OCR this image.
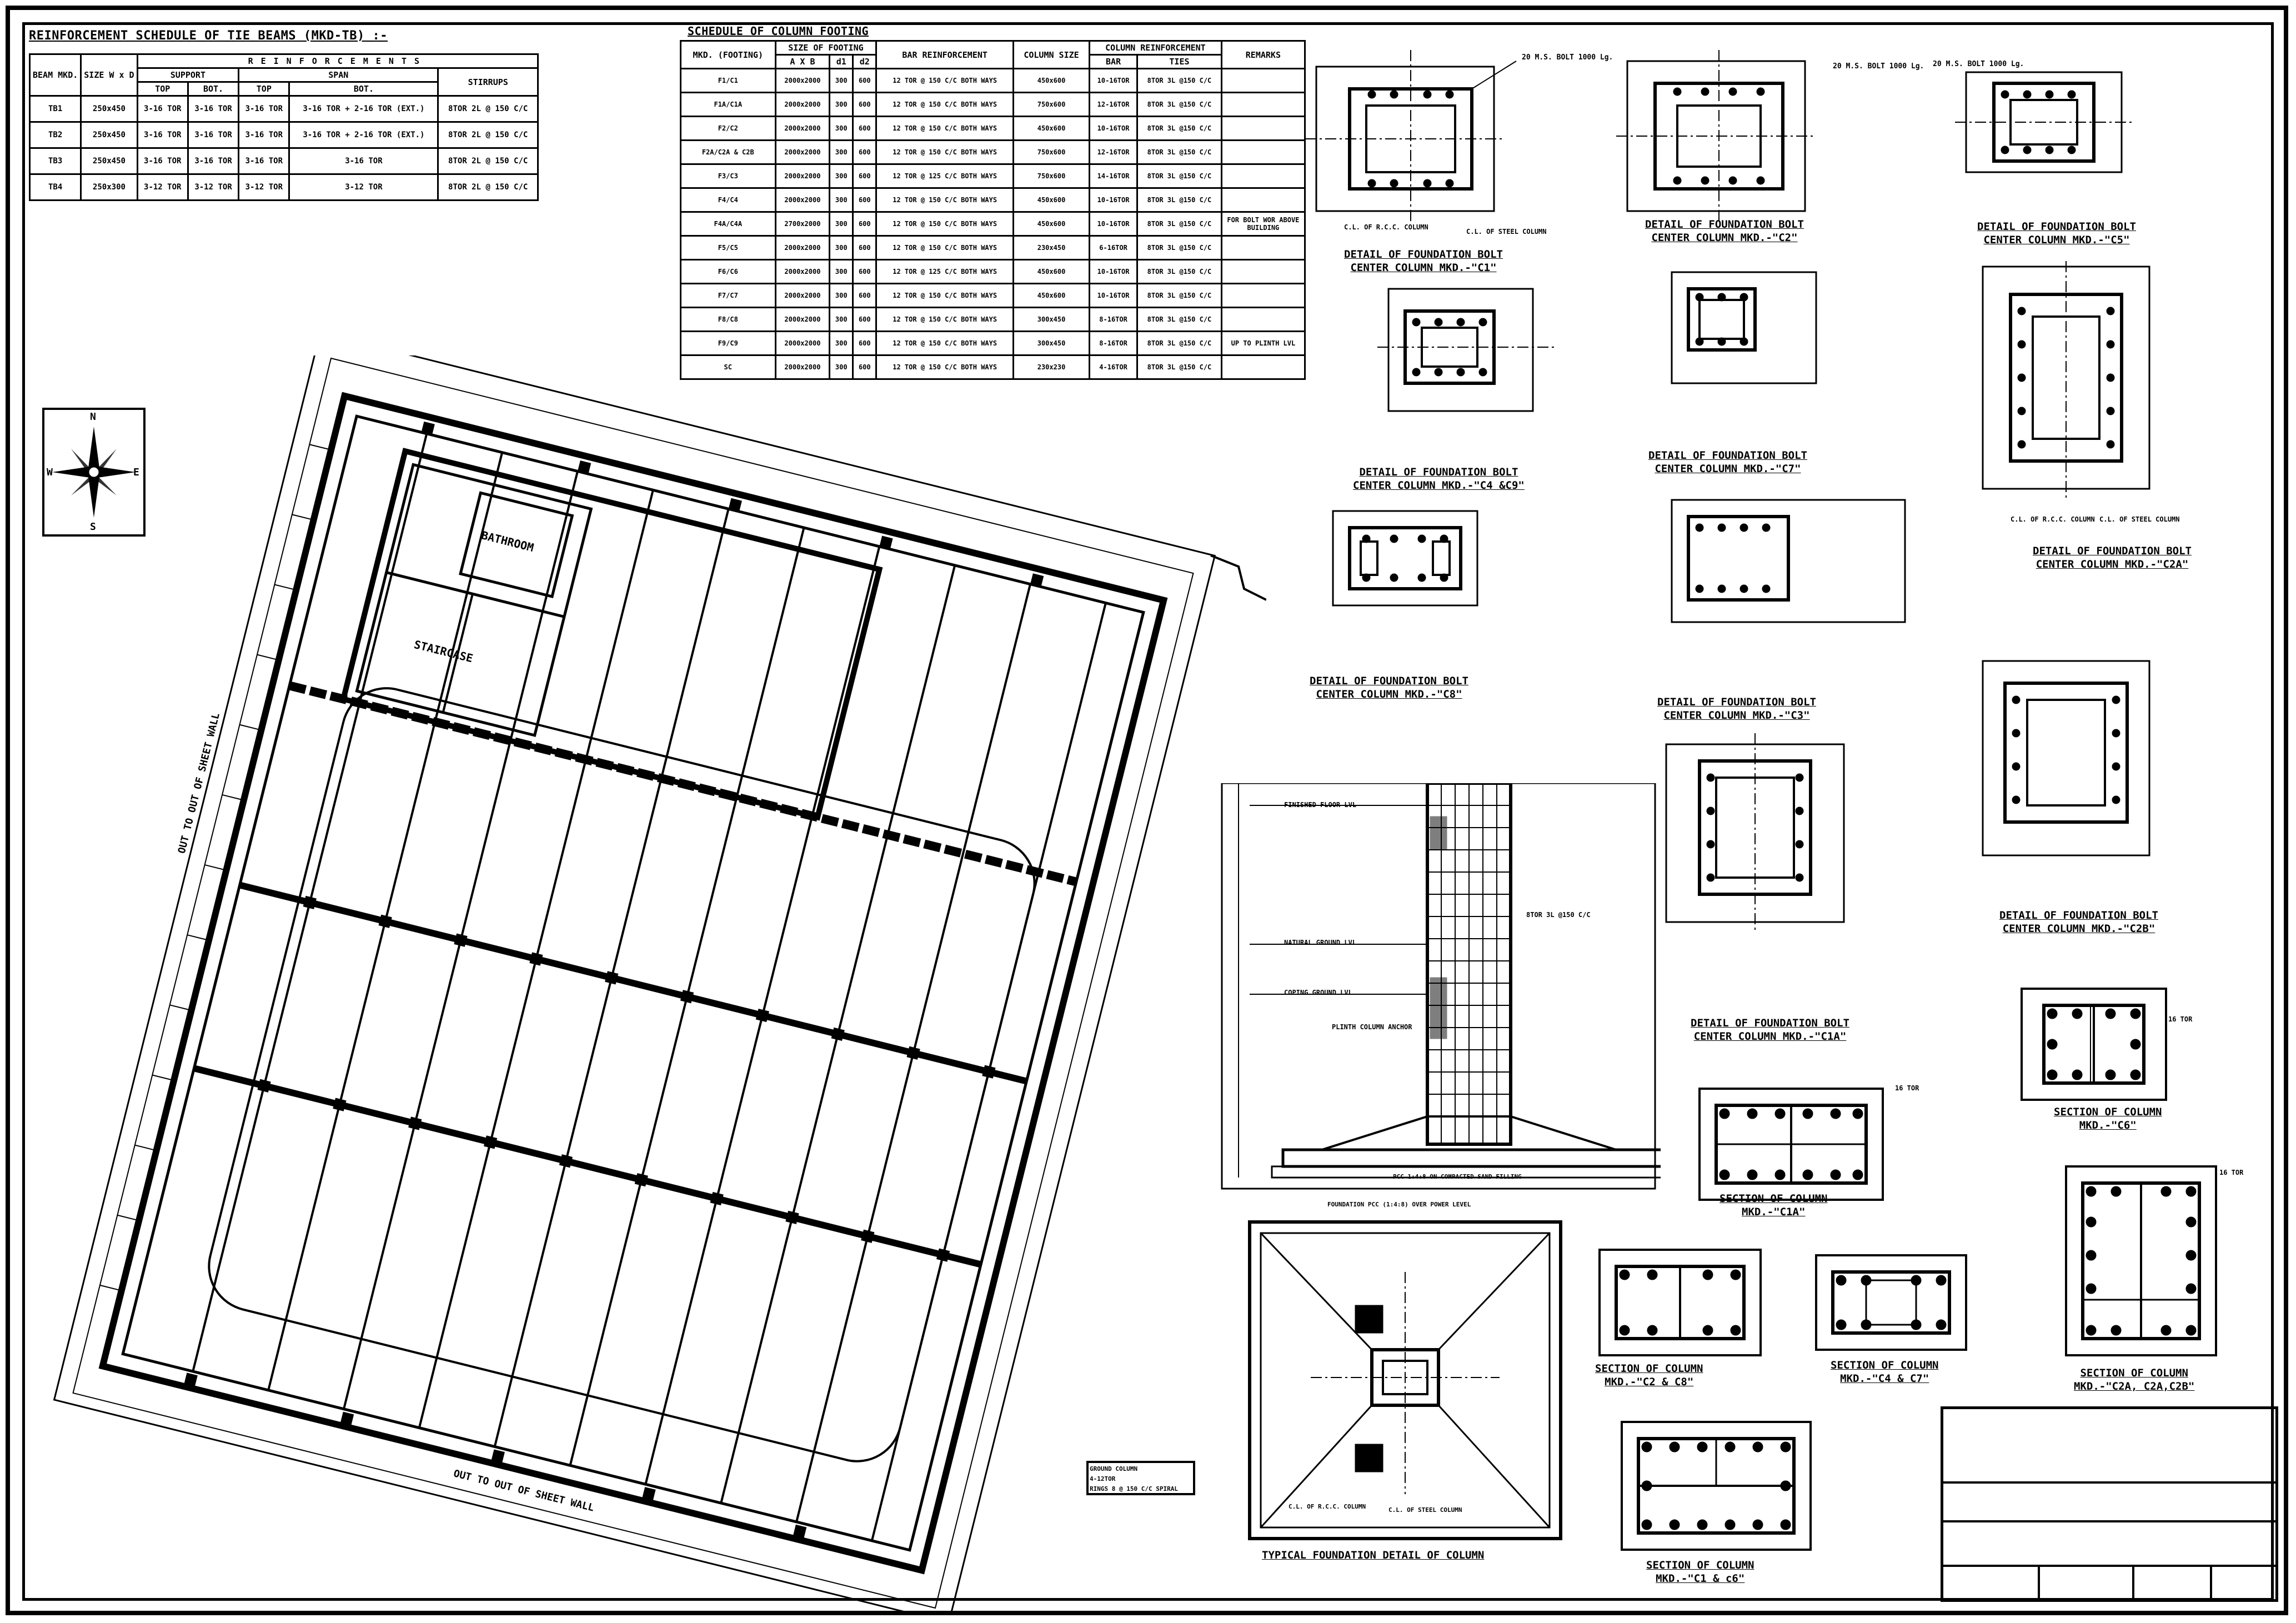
REINFORCEMENT SCHEDULE OF TIE BEAMS (MKD-TB) :-
BEAM MKD.	SIZE W x D	REINFORCEMENTS				
		SUPPORT		SPAN		STIRRUPS
		TOP	BOT.	TOP	BOT.	
TB1	250x450	3-16 TOR	3-16 TOR	3-16 TOR	3-16 TOR + 2-16 TOR (EXT.)	8TOR 2L @ 150 C/C
TB2	250x450	3-16 TOR	3-16 TOR	3-16 TOR	3-16 TOR + 2-16 TOR (EXT.)	8TOR 2L @ 150 C/C
TB3	250x450	3-16 TOR	3-16 TOR	3-16 TOR	3-16 TOR	8TOR 2L @ 150 C/C
TB4	250x300	3-12 TOR	3-12 TOR	3-12 TOR	3-12 TOR	8TOR 2L @ 150 C/C
SCHEDULE OF COLUMN FOOTING
MKD. (FOOTING)	SIZE OF FOOTING			BAR REINFORCEMENT	COLUMN SIZE	COLUMN REINFORCEMENT		REMARKS
	A X B	d1	d2			BAR	TIES	
F1/C1	2000x2000	300	600	12 TOR @ 150 C/C BOTH WAYS	450x600	10-16TOR	8TOR 3L @150 C/C	
F1A/C1A	2000x2000	300	600	12 TOR @ 150 C/C BOTH WAYS	750x600	12-16TOR	8TOR 3L @150 C/C	
F2/C2	2000x2000	300	600	12 TOR @ 150 C/C BOTH WAYS	450x600	10-16TOR	8TOR 3L @150 C/C	
F2A/C2A & C2B	2000x2000	300	600	12 TOR @ 150 C/C BOTH WAYS	750x600	12-16TOR	8TOR 3L @150 C/C	
F3/C3	2000x2000	300	600	12 TOR @ 125 C/C BOTH WAYS	750x600	14-16TOR	8TOR 3L @150 C/C	
F4/C4	2000x2000	300	600	12 TOR @ 150 C/C BOTH WAYS	450x600	10-16TOR	8TOR 3L @150 C/C	
F4A/C4A	2700x2000	300	600	12 TOR @ 150 C/C BOTH WAYS	450x600	10-16TOR	8TOR 3L @150 C/C	FOR BOLT WOR ABOVE BUILDING
F5/C5	2000x2000	300	600	12 TOR @ 150 C/C BOTH WAYS	230x450	6-16TOR	8TOR 3L @150 C/C	
F6/C6	2000x2000	300	600	12 TOR @ 125 C/C BOTH WAYS	450x600	10-16TOR	8TOR 3L @150 C/C	
F7/C7	2000x2000	300	600	12 TOR @ 150 C/C BOTH WAYS	450x600	10-16TOR	8TOR 3L @150 C/C	
F8/C8	2000x2000	300	600	12 TOR @ 150 C/C BOTH WAYS	300x450	8-16TOR	8TOR 3L @150 C/C	
F9/C9	2000x2000	300	600	12 TOR @ 150 C/C BOTH WAYS	300x450	8-16TOR	8TOR 3L @150 C/C	UP TO PLINTH LVL
SC	2000x2000	300	600	12 TOR @ 150 C/C BOTH WAYS	230x230	4-16TOR	8TOR 3L @150 C/C	
N
S
W	E
BATHROOM
STAIRCASE
OUT TO OUT OF SHEET WALL
OUT TO OUT OF SHEET WALL
DETAIL OF FOUNDATION BOLT
CENTER COLUMN MKD.-"C1"
DETAIL OF FOUNDATION BOLT
CENTER COLUMN MKD.-"C2"
DETAIL OF FOUNDATION BOLT
CENTER COLUMN MKD.-"C5"
DETAIL OF FOUNDATION BOLT
CENTER COLUMN MKD.-"C4 &C9"
DETAIL OF FOUNDATION BOLT
CENTER COLUMN MKD.-"C7"
DETAIL OF FOUNDATION BOLT
CENTER COLUMN MKD.-"C2A"
DETAIL OF FOUNDATION BOLT
CENTER COLUMN MKD.-"C8"
DETAIL OF FOUNDATION BOLT
CENTER COLUMN MKD.-"C3"
DETAIL OF FOUNDATION BOLT
CENTER COLUMN MKD.-"C1A"
DETAIL OF FOUNDATION BOLT
CENTER COLUMN MKD.-"C2B"
20 M.S. BOLT 1000 Lg.
20 M.S. BOLT 1000 Lg. 20 M.S. BOLT 1000 Lg.
C.L. OF R.C.C. COLUMN
C.L. OF STEEL COLUMN
C.L. OF R.C.C. COLUMN C.L. OF STEEL COLUMN
FINISHED FLOOR LVL
NATURAL GROUND LVL
COPING GROUND LVL
PLINTH COLUMN ANCHOR
PCC 1:4:8 ON COMPACTED SAND FILLING
FOUNDATION PCC (1:4:8) OVER POWER LEVEL
8TOR 3L @150 C/C
TYPICAL FOUNDATION DETAIL OF COLUMN
GROUND COLUMN
4-12TOR
RINGS 8 @ 150 C/C SPIRAL
C.L. OF R.C.C. COLUMN	C.L. OF STEEL COLUMN
SECTION OF COLUMN
MKD.-"C6"
SECTION OF COLUMN
MKD.-"C1A"
SECTION OF COLUMN
MKD.-"C2 & C8"
SECTION OF COLUMN
MKD.-"C4 & C7"	SECTION OF COLUMN
MKD.-"C2A, C2A,C2B"
SECTION OF COLUMN
MKD.-"C1 & c6"
16 TOR
16 TOR
16 TOR
